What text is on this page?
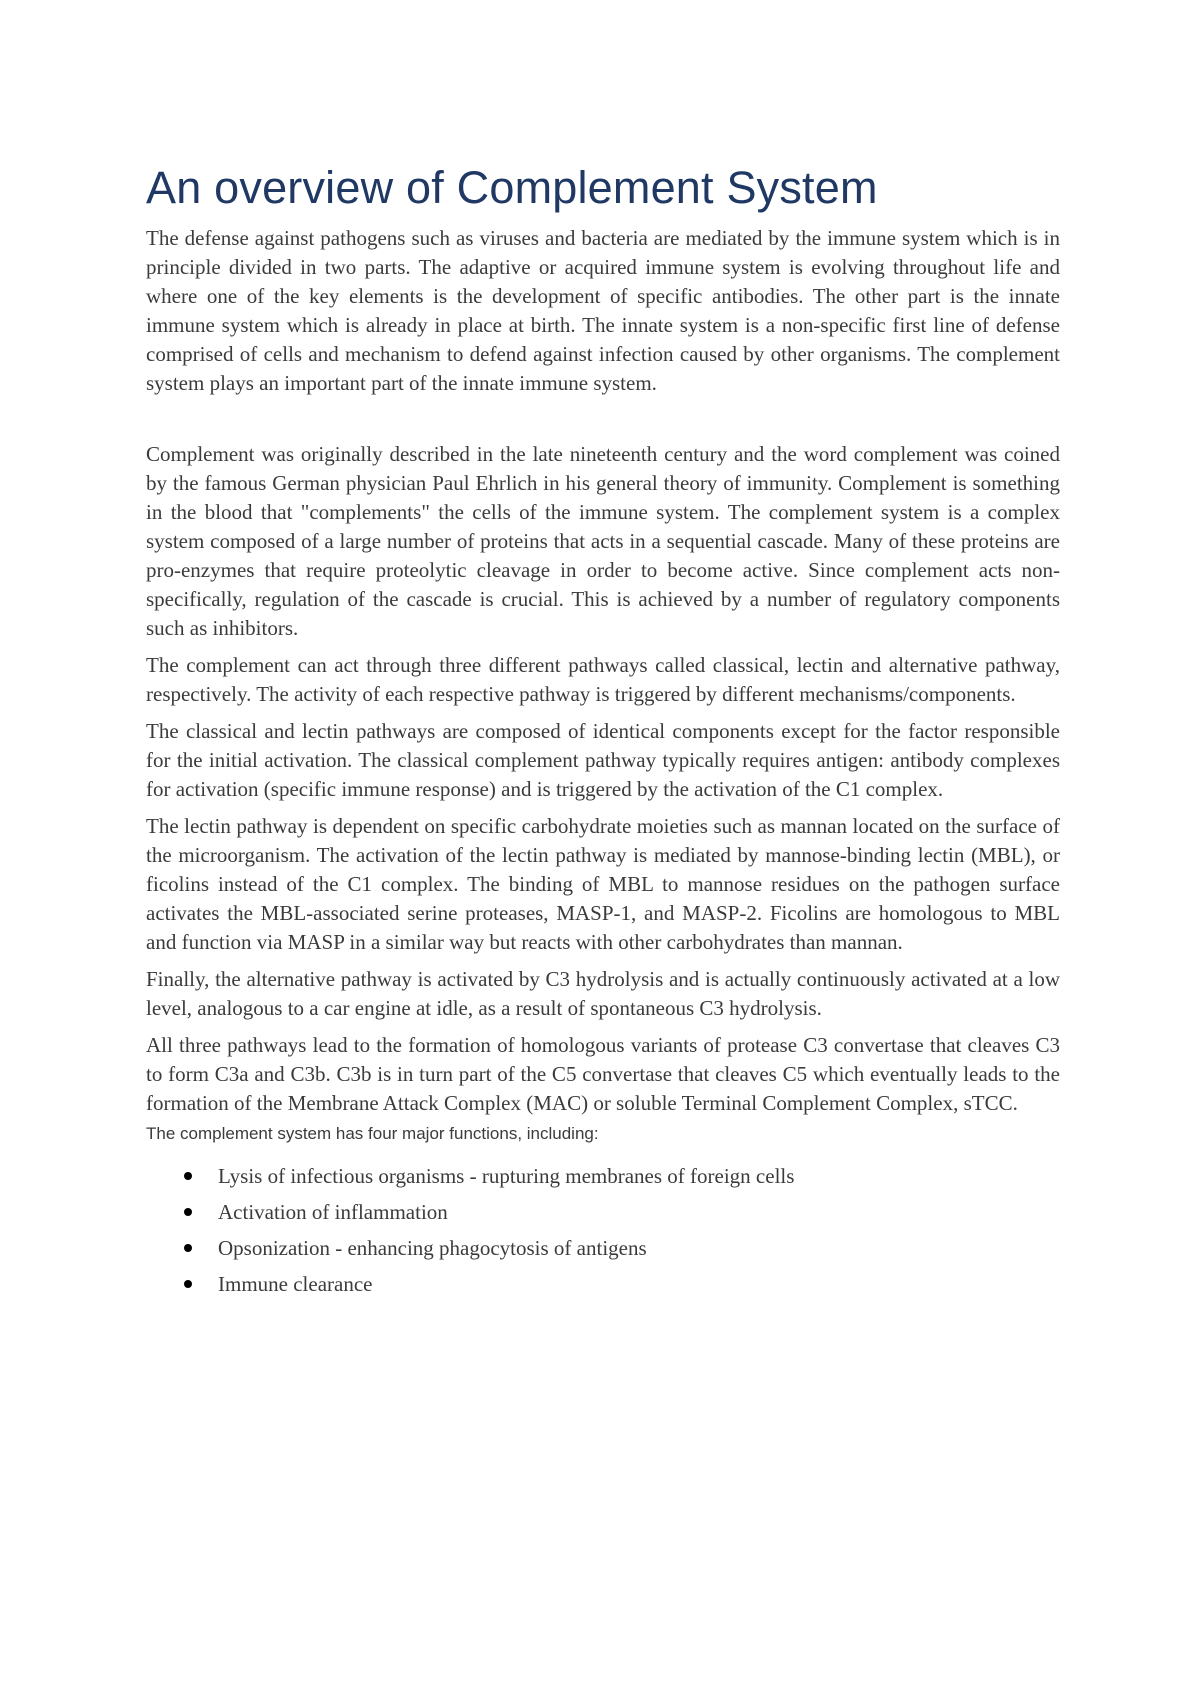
An overview of Complement System

The defense against pathogens such as viruses and bacteria are mediated by the immune system which is in principle divided in two parts. The adaptive or acquired immune system is evolving throughout life and where one of the key elements is the development of specific antibodies. The other part is the innate immune system which is already in place at birth. The innate system is a non-specific first line of defense comprised of cells and mechanism to defend against infection caused by other organisms. The complement system plays an important part of the innate immune system.

Complement was originally described in the late nineteenth century and the word complement was coined by the famous German physician Paul Ehrlich in his general theory of immunity. Complement is something in the blood that "complements" the cells of the immune system. The complement system is a complex system composed of a large number of proteins that acts in a sequential cascade. Many of these proteins are pro-enzymes that require proteolytic cleavage in order to become active. Since complement acts non-specifically, regulation of the cascade is crucial. This is achieved by a number of regulatory components such as inhibitors.

The complement can act through three different pathways called classical, lectin and alternative pathway, respectively. The activity of each respective pathway is triggered by different mechanisms/components.

The classical and lectin pathways are composed of identical components except for the factor responsible for the initial activation. The classical complement pathway typically requires antigen: antibody complexes for activation (specific immune response) and is triggered by the activation of the C1 complex.

The lectin pathway is dependent on specific carbohydrate moieties such as mannan located on the surface of the microorganism. The activation of the lectin pathway is mediated by mannose-binding lectin (MBL), or ficolins instead of the C1 complex. The binding of MBL to mannose residues on the pathogen surface activates the MBL-associated serine proteases, MASP-1, and MASP-2. Ficolins are homologous to MBL and function via MASP in a similar way but reacts with other carbohydrates than mannan.

Finally, the alternative pathway is activated by C3 hydrolysis and is actually continuously activated at a low level, analogous to a car engine at idle, as a result of spontaneous C3 hydrolysis.

All three pathways lead to the formation of homologous variants of protease C3 convertase that cleaves C3 to form C3a and C3b. C3b is in turn part of the C5 convertase that cleaves C5 which eventually leads to the formation of the Membrane Attack Complex (MAC) or soluble Terminal Complement Complex, sTCC.

The complement system has four major functions, including:

Lysis of infectious organisms - rupturing membranes of foreign cells
Activation of inflammation
Opsonization - enhancing phagocytosis of antigens
Immune clearance
